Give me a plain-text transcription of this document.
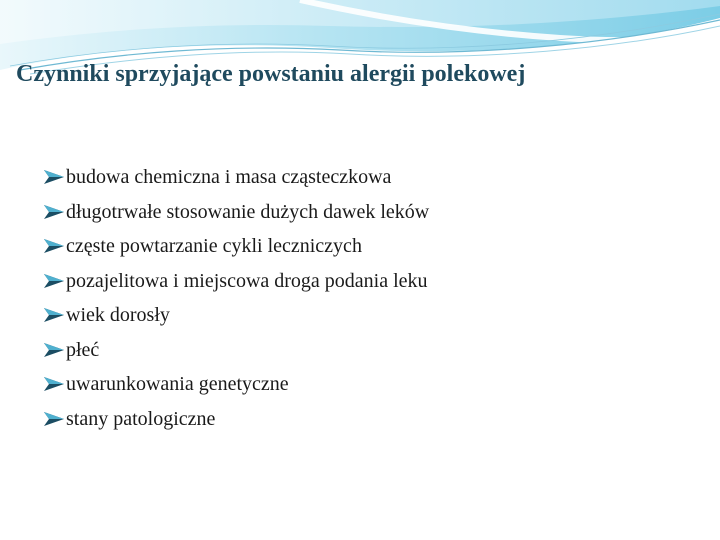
Czynniki sprzyjające powstaniu alergii polekowej
budowa chemiczna i masa cząsteczkowa
długotrwałe stosowanie dużych dawek leków
częste powtarzanie cykli leczniczych
pozajelitowa i miejscowa droga podania leku
wiek dorosły
płeć
uwarunkowania genetyczne
stany patologiczne
